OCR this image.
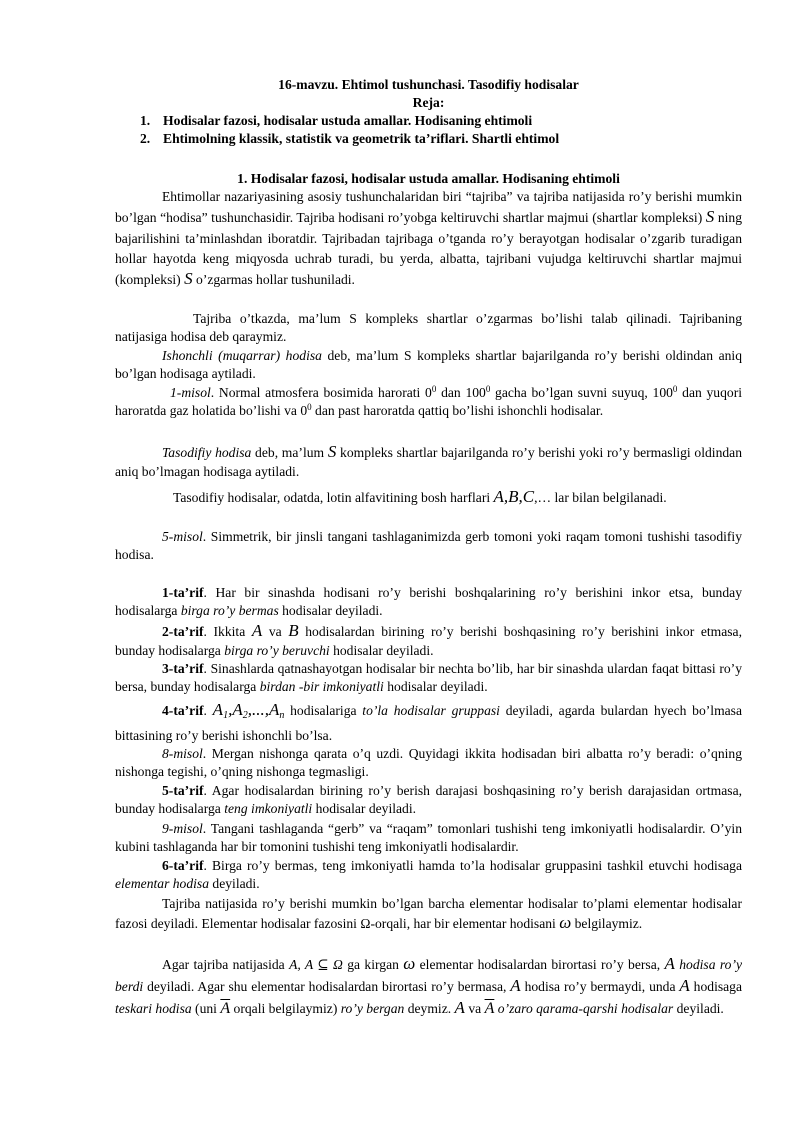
16-mavzu. Ehtimol tushunchasi. Tasodifiy hodisalar

Reja:

1. Hodisalar fazosi, hodisalar ustuda amallar. Hodisaning ehtimoli
2. Ehtimolning klassik, statistik va geometrik ta’riflari. Shartli ehtimol

1. Hodisalar fazosi, hodisalar ustuda amallar. Hodisaning ehtimoli

Ehtimollar nazariyasining asosiy tushunchalaridan biri “tajriba” va tajriba natijasida ro’y berishi mumkin bo’lgan “hodisa” tushunchasidir. Tajriba hodisani ro’yobga keltiruvchi shartlar majmui (shartlar kompleksi) S ning bajarilishini ta’minlashdan iboratdir. Tajribadan tajribaga o’tganda ro’y berayotgan hodisalar o’zgarib turadigan hollar hayotda keng miqyosda uchrab turadi, bu yerda, albatta, tajribani vujudga keltiruvchi shartlar majmui (kompleksi) S o’zgarmas hollar tushuniladi.

Tajriba o’tkazda, ma’lum S kompleks shartlar o’zgarmas bo’lishi talab qilinadi. Tajribaning natijasiga hodisa deb qaraymiz.

Ishonchli (muqarrar) hodisa deb, ma’lum S kompleks shartlar bajarilganda ro’y berishi oldindan aniq bo’lgan hodisaga aytiladi.

1-misol. Normal atmosfera bosimida harorati $0^0$ dan $100^0$ gacha bo’lgan suvni suyuq, $100^0$ dan yuqori haroratda gaz holatida bo’lishi va $0^0$ dan past haroratda qattiq bo’lishi ishonchli hodisalar.

Tasodifiy hodisa deb, ma’lum S kompleks shartlar bajarilganda ro’y berishi yoki ro’y bermasligi oldindan aniq bo’lmagan hodisaga aytiladi.

Tasodifiy hodisalar, odatda, lotin alfavitining bosh harflari A,B,C,… lar bilan belgilanadi.

5-misol. Simmetrik, bir jinsli tangani tashlaganimizda gerb tomoni yoki raqam tomoni tushishi tasodifiy hodisa.

1-ta’rif. Har bir sinashda hodisani ro’y berishi boshqalarining ro’y berishini inkor etsa, bunday hodisalarga birga ro’y bermas hodisalar deyiladi.

2-ta’rif. Ikkita A va B hodisalardan birining ro’y berishi boshqasining ro’y berishini inkor etmasa, bunday hodisalarga birga ro’y beruvchi hodisalar deyiladi.

3-ta’rif. Sinashlarda qatnashayotgan hodisalar bir nechta bo’lib, har bir sinashda ulardan faqat bittasi ro’y bersa, bunday hodisalarga birdan -bir imkoniyatli hodisalar deyiladi.

4-ta’rif. $A_1,A_2,...,A_n$ hodisalariga to’la hodisalar gruppasi deyiladi, agarda bulardan hyech bo’lmasa bittasining ro’y berishi ishonchli bo’lsa.

8-misol. Mergan nishonga qarata o’q uzdi. Quyidagi ikkita hodisadan biri albatta ro’y beradi: o’qning nishonga tegishi, o’qning nishonga tegmasligi.

5-ta’rif. Agar hodisalardan birining ro’y berish darajasi boshqasining ro’y berish darajasidan ortmasa, bunday hodisalarga teng imkoniyatli hodisalar deyiladi.

9-misol. Tangani tashlaganda “gerb” va “raqam” tomonlari tushishi teng imkoniyatli hodisalardir. O’yin kubini tashlaganda har bir tomonini tushishi teng imkoniyatli hodisalardir.

6-ta’rif. Birga ro’y bermas, teng imkoniyatli hamda to’la hodisalar gruppasini tashkil etuvchi hodisaga elementar hodisa deyiladi.

Tajriba natijasida ro’y berishi mumkin bo’lgan barcha elementar hodisalar to’plami elementar hodisalar fazosi deyiladi. Elementar hodisalar fazosini Ω-orqali, har bir elementar hodisani ω belgilaymiz.

Agar tajriba natijasida A, A ⊆ Ω ga kirgan ω elementar hodisalardan birortasi ro’y bersa, A hodisa ro’y berdi deyiladi. Agar shu elementar hodisalardan birortasi ro’y bermasa, A hodisa ro’y bermaydi, unda A hodisaga teskari hodisa (uni $\overline{A}$ orqali belgilaymiz) ro’y bergan deymiz. A va $\overline{A}$ o’zaro qarama-qarshi hodisalar deyiladi.
